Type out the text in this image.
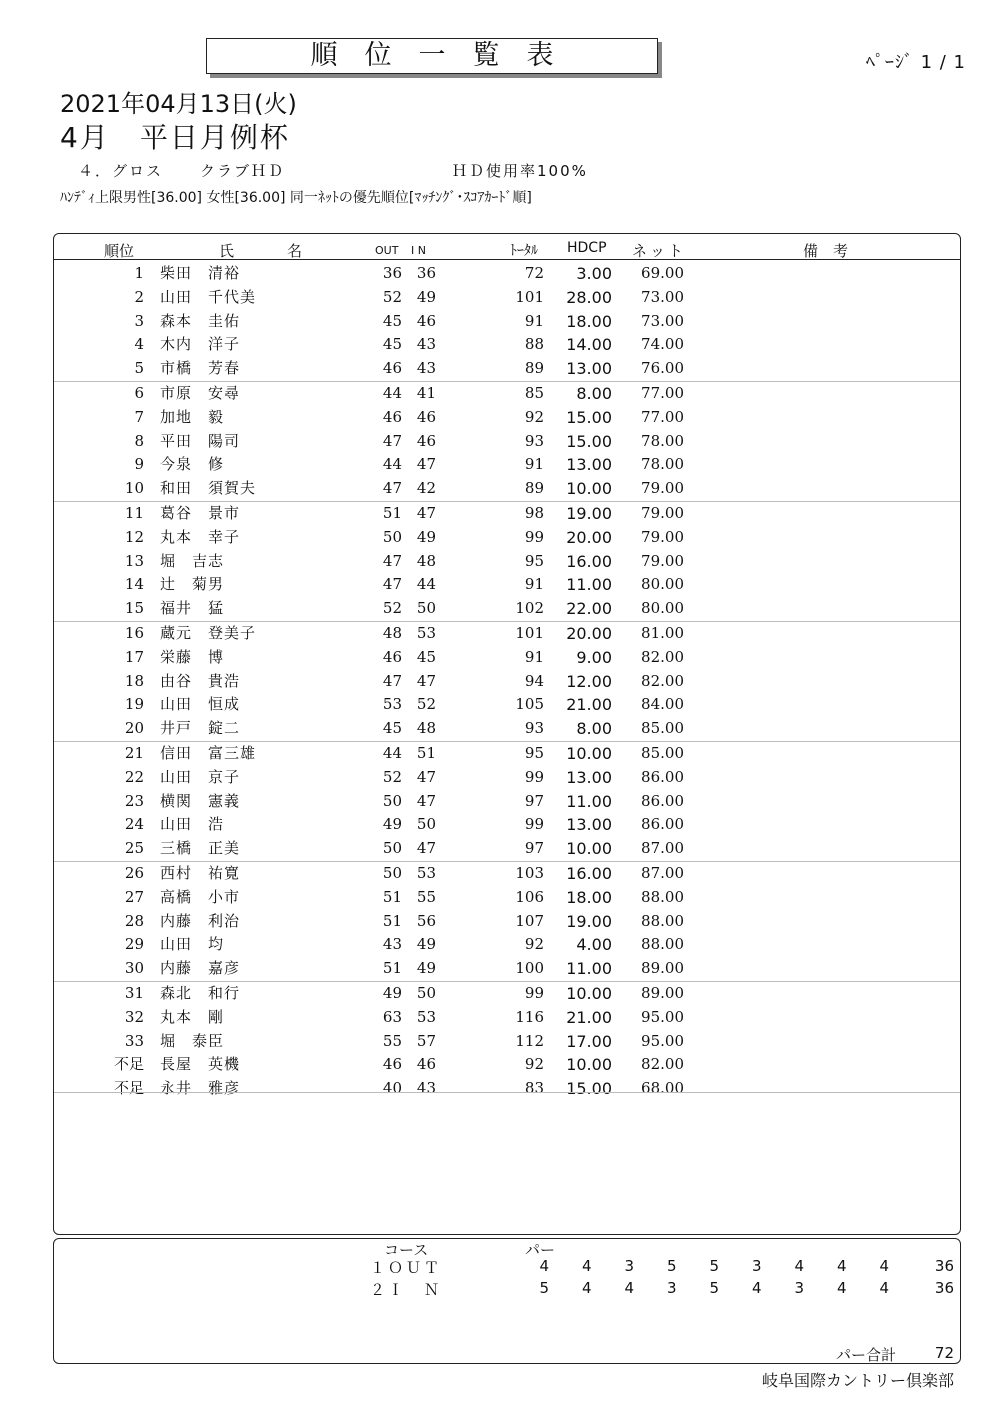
順位一覧表	ﾍﾟｰｼﾞ 1 / 1
2021年04月13日(火)
4月　平日月例杯
４．グロス クラブＨＤ	ＨＤ使用率100%
ﾊﾝﾃﾞｨ上限男性[36.00] 女性[36.00] 同一ﾈｯﾄの優先順位[ﾏｯﾁﾝｸﾞ･ｽｺｱｶｰﾄﾞ順]
順位	氏	名	OUT I N	ﾄｰﾀﾙ HDCP ネット	備　考
1 柴田　清裕	36 36	72	3.00	69.00
2 山田　千代美	52 49	101	28.00	73.00
3 森本　圭佑	45 46	91	18.00	73.00
4 木内　洋子	45 43	88	14.00	74.00
5 市橋　芳春	46 43	89	13.00	76.00
6 市原　安尋	44 41	85	8.00	77.00
7 加地　毅	46 46	92	15.00	77.00
8 平田　陽司	47 46	93	15.00	78.00
9 今泉　修	44 47	91	13.00	78.00
10 和田　須賀夫	47 42	89	10.00	79.00
11 葛谷　景市	51 47	98	19.00	79.00
12 丸本　幸子	50 49	99	20.00	79.00
13 堀　吉志	47 48	95	16.00	79.00
14 辻　菊男	47 44	91	11.00	80.00
15 福井　猛	52 50	102	22.00	80.00
16 蔵元　登美子	48 53	101	20.00	81.00
17 栄藤　博	46 45	91	9.00	82.00
18 由谷　貴浩	47 47	94	12.00	82.00
19 山田　恒成	53 52	105	21.00	84.00
20 井戸　錠二	45 48	93	8.00	85.00
21 信田　富三雄	44 51	95	10.00	85.00
22 山田　京子	52 47	99	13.00	86.00
23 横関　憲義	50 47	97	11.00	86.00
24 山田　浩	49 50	99	13.00	86.00
25 三橋　正美	50 47	97	10.00	87.00
26 西村　祐寛	50 53	103	16.00	87.00
27 高橋　小市	51 55	106	18.00	88.00
28 内藤　利治	51 56	107	19.00	88.00
29 山田　均	43 49	92	4.00	88.00
30 内藤　嘉彦	51 49	100	11.00	89.00
31 森北　和行	49 50	99	10.00	89.00
32 丸本　剛	63 53	116	21.00	95.00
33 堀　泰臣	55 57	112	17.00	95.00
不足 長屋　英機	46 46	92	10.00	82.00
不足 永井　雅彦	40 43	83	15.00	68.00
コース	パー
１ＯＵＴ	4	4	3	5	5	3	4	4	4	36
２Ｉ　Ｎ	5	4	4	3	5	4	3	4	4	36
パー合計	72
岐阜国際カントリー倶楽部
